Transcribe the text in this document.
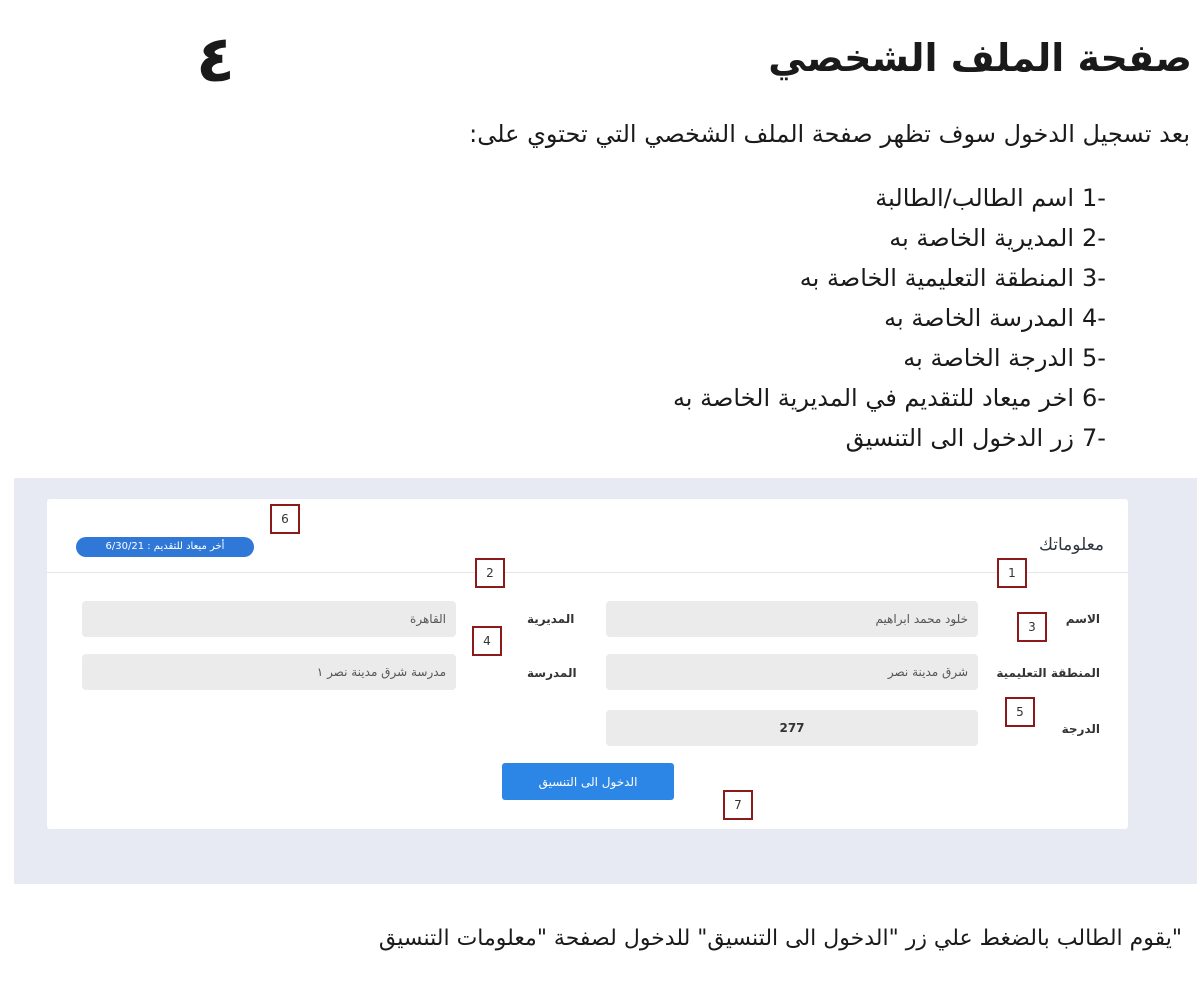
٤	صفحة الملف الشخصي
بعد تسجيل الدخول سوف تظهر صفحة الملف الشخصي التي تحتوي على:
1-
اسم الطالب/الطالبة
2-
المديرية الخاصة به
3-
المنطقة التعليمية الخاصة به
4-
المدرسة الخاصة به
5-
الدرجة الخاصة به
6-
اخر ميعاد للتقديم في المديرية الخاصة به
7-
زر الدخول الى التنسيق
معلوماتك
أخر ميعاد للتقديم : 6/30/21
الاسم
خلود محمد ابراهيم
المنطقة التعليمية
شرق مدينة نصر
الدرجة
277
المديرية
القاهرة
المدرسة
مدرسة شرق مدينة نصر ١
الدخول الى التنسيق
1
2
3
4
5
6
7
"يقوم الطالب بالضغط علي زر "الدخول الى التنسيق" للدخول لصفحة "معلومات التنسيق
